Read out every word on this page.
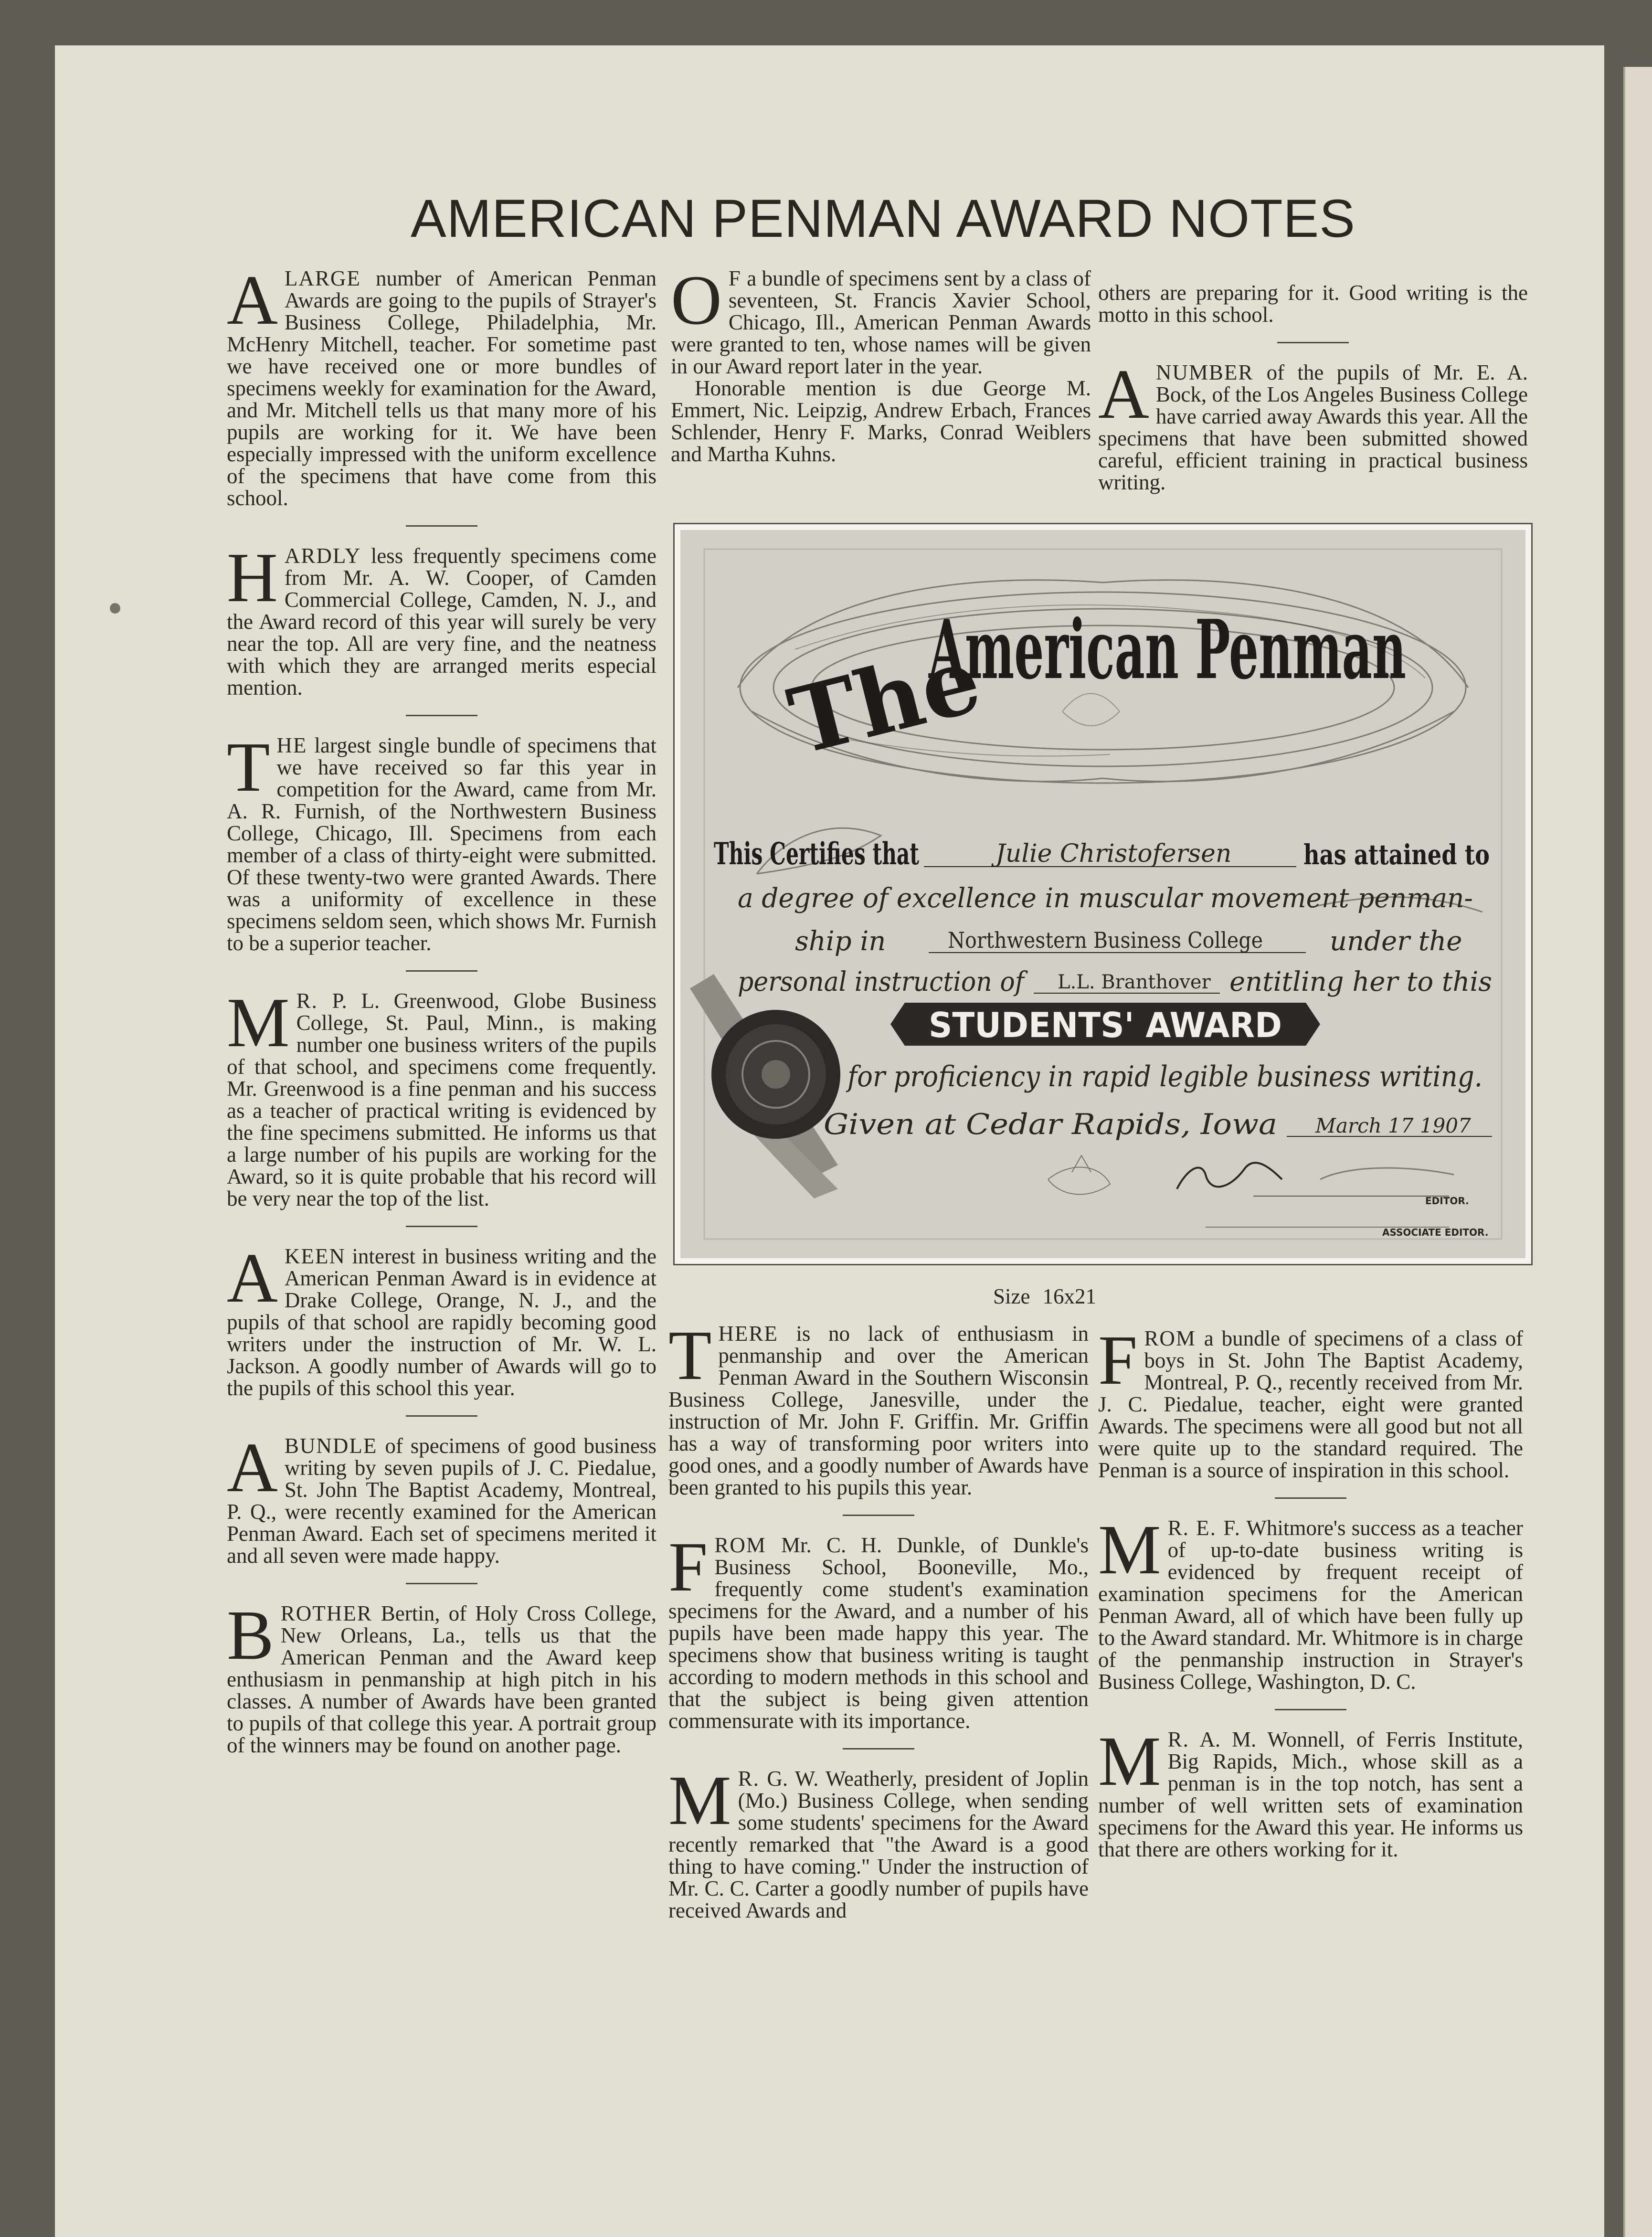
AMERICAN PENMAN AWARD NOTES
ALARGE number of American Penman Awards are going to the pupils of Strayer's Business College, Philadelphia, Mr. McHenry Mitchell, teacher. For sometime past we have received one or more bundles of specimens weekly for examination for the Award, and Mr. Mitchell tells us that many more of his pupils are working for it. We have been especially impressed with the uniform excellence of the specimens that have come from this school.
HARDLY less frequently specimens come from Mr. A. W. Cooper, of Camden Commercial College, Camden, N. J., and the Award record of this year will surely be very near the top. All are very fine, and the neatness with which they are arranged merits especial mention.
THE largest single bundle of specimens that we have received so far this year in competition for the Award, came from Mr. A. R. Furnish, of the Northwestern Business College, Chicago, Ill. Specimens from each member of a class of thirty-eight were submitted. Of these twenty-two were granted Awards. There was a uniformity of excellence in these specimens seldom seen, which shows Mr. Furnish to be a superior teacher.
M R. P. L. Greenwood, Globe Business College, St. Paul, Minn., is making number one business writers of the pupils of that school, and specimens come frequently. Mr. Greenwood is a fine penman and his success as a teacher of practical writing is evidenced by the fine specimens submitted. He informs us that a large number of his pupils are working for the Award, so it is quite probable that his record will be very near the top of the list.
AKEEN interest in business writing and the American Penman Award is in evidence at Drake College, Orange, N. J., and the pupils of that school are rapidly becoming good writers under the instruction of Mr. W. L. Jackson. A goodly number of Awards will go to the pupils of this school this year.
ABUNDLE of specimens of good business writing by seven pupils of J. C. Piedalue, St. John The Baptist Academy, Montreal, P. Q., were recently examined for the American Penman Award. Each set of specimens merited it and all seven were made happy.
BROTHER Bertin, of Holy Cross College, New Orleans, La., tells us that the American Penman and the Award keep enthusiasm in penmanship at high pitch in his classes. A number of Awards have been granted to pupils of that college this year. A portrait group of the winners may be found on another page.
O F a bundle of specimens sent by a class of seventeen, St. Francis Xavier School, Chicago, Ill., American Penman Awards were granted to ten, whose names will be given in our Award report later in the year.
Honorable mention is due George M. Emmert, Nic. Leipzig, Andrew Erbach, Frances Schlender, Henry F. Marks, Conrad Weiblers and Martha Kuhns.
others are preparing for it. Good writing is the motto in this school.
ANUMBER of the pupils of Mr. E. A. Bock, of the Los Angeles Business College have carried away Awards this year. All the specimens that have been submitted showed careful, efficient training in practical business writing.
The
American Penman
This Certifies that	Julie Christofersen	has attained to
a degree of excellence in muscular movement penman-
ship in	Northwestern Business College	under the
personal instruction of L.L. Branthover entitling her to this
STUDENTS' AWARD
for proficiency in rapid legible business writing.
Given at Cedar Rapids, Iowa March 17 1907
EDITOR.
ASSOCIATE EDITOR.
Size 16x21
THERE is no lack of enthusiasm in penmanship and over the American Penman Award in the Southern Wisconsin Business College, Janesville, under the instruction of Mr. John F. Griffin. Mr. Griffin has a way of transforming poor writers into good ones, and a goodly number of Awards have been granted to his pupils this year.
FROM Mr. C. H. Dunkle, of Dunkle's Business School, Booneville, Mo., frequently come student's examination specimens for the Award, and a number of his pupils have been made happy this year. The specimens show that business writing is taught according to modern methods in this school and that the subject is being given attention commensurate with its importance.
M R. G. W. Weatherly, president of Joplin (Mo.) Business College, when sending some students' specimens for the Award recently remarked that "the Award is a good thing to have coming." Under the instruction of Mr. C. C. Carter a goodly number of pupils have received Awards and
FROM a bundle of specimens of a class of boys in St. John The Baptist Academy, Montreal, P. Q., recently received from Mr. J. C. Piedalue, teacher, eight were granted Awards. The specimens were all good but not all were quite up to the standard required. The Penman is a source of inspiration in this school.
M R. E. F. Whitmore's success as a teacher of up-to-date business writing is evidenced by frequent receipt of examination specimens for the American Penman Award, all of which have been fully up to the Award standard. Mr. Whitmore is in charge of the penmanship instruction in Strayer's Business College, Washington, D. C.
M R. A. M. Wonnell, of Ferris Institute, Big Rapids, Mich., whose skill as a penman is in the top notch, has sent a number of well written sets of examination specimens for the Award this year. He informs us that there are others working for it.
